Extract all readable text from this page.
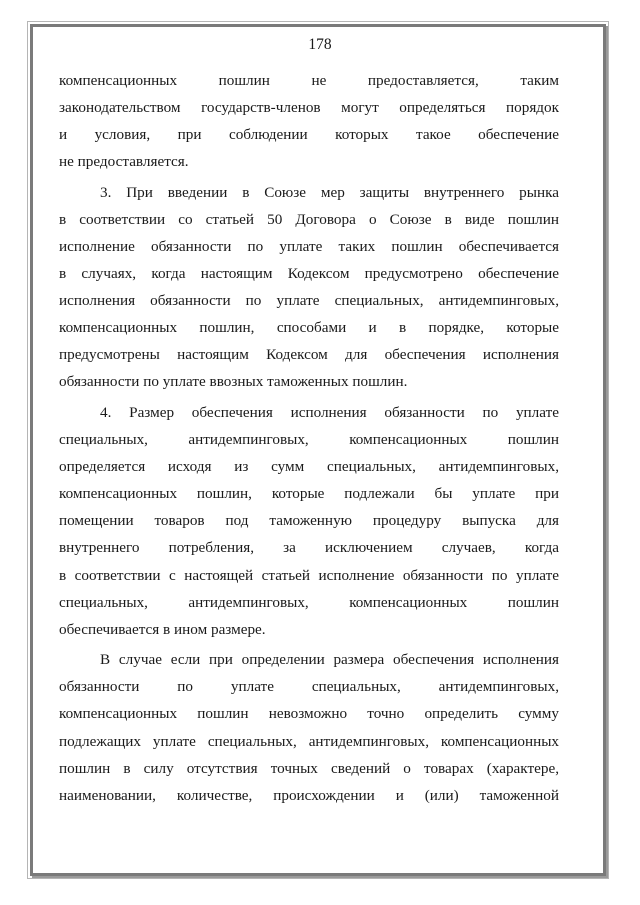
178
компенсационных пошлин не предоставляется, таким
законодательством государств-членов могут определяться порядок
и условия, при соблюдении которых такое обеспечение
не предоставляется.
3. При введении в Союзе мер защиты внутреннего рынка
в соответствии со статьей 50 Договора о Союзе в виде пошлин
исполнение обязанности по уплате таких пошлин обеспечивается
в случаях, когда настоящим Кодексом предусмотрено обеспечение
исполнения обязанности по уплате специальных, антидемпинговых,
компенсационных пошлин, способами и в порядке, которые
предусмотрены настоящим Кодексом для обеспечения исполнения
обязанности по уплате ввозных таможенных пошлин.
4. Размер обеспечения исполнения обязанности по уплате
специальных, антидемпинговых, компенсационных пошлин
определяется исходя из сумм специальных, антидемпинговых,
компенсационных пошлин, которые подлежали бы уплате при
помещении товаров под таможенную процедуру выпуска для
внутреннего потребления, за исключением случаев, когда
в соответствии с настоящей статьей исполнение обязанности по уплате
специальных, антидемпинговых, компенсационных пошлин
обеспечивается в ином размере.
В случае если при определении размера обеспечения исполнения
обязанности по уплате специальных, антидемпинговых,
компенсационных пошлин невозможно точно определить сумму
подлежащих уплате специальных, антидемпинговых, компенсационных
пошлин в силу отсутствия точных сведений о товарах (характере,
наименовании, количестве, происхождении и (или) таможенной
